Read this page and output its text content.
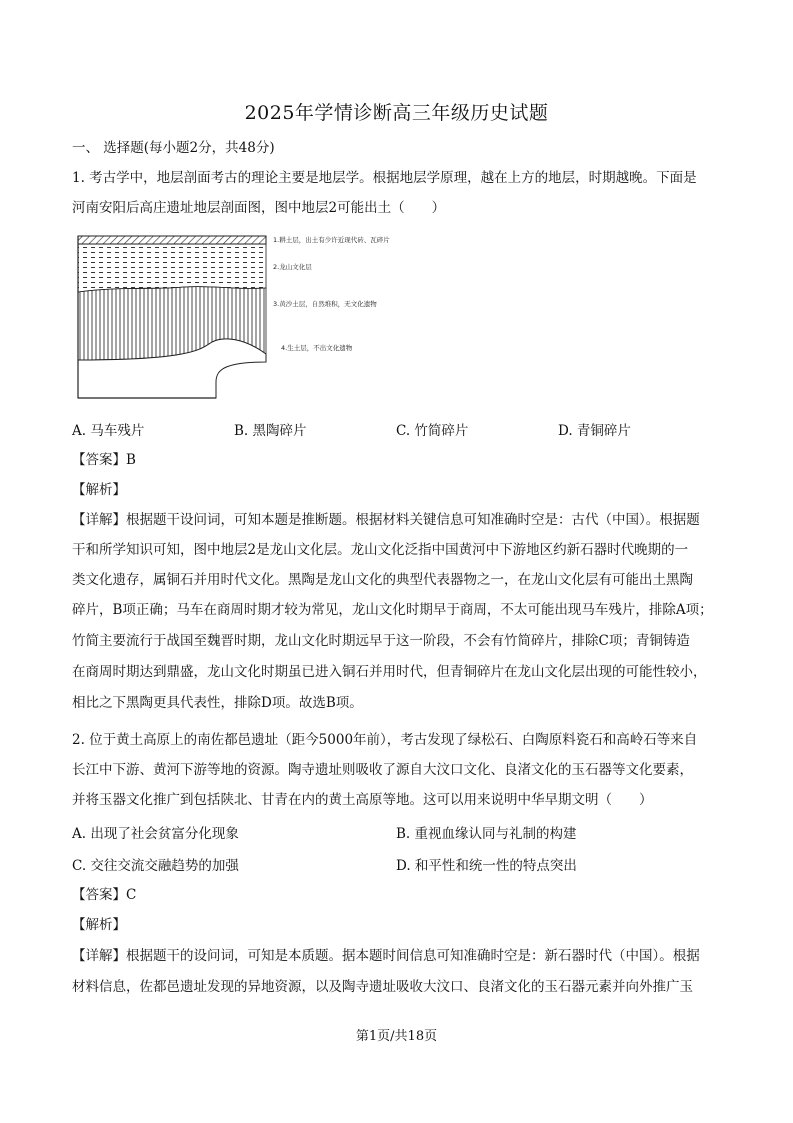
2025年学情诊断高三年级历史试题
一、 选择题(每小题2分，共48分)
1. 考古学中，地层剖面考古的理论主要是地层学。根据地层学原理，越在上方的地层，时期越晚。下面是
河南安阳后高庄遗址地层剖面图，图中地层2可能出土（　　）
1.耕土层，出土有少许近现代砖、瓦碎片
2.龙山文化层
3.黄沙土层，自然堆积，无文化遗物
4.生土层，不出文化遗物
A. 马车残片	B. 黑陶碎片	C. 竹简碎片	D. 青铜碎片
【答案】B
【解析】
【详解】根据题干设问词，可知本题是推断题。根据材料关键信息可知准确时空是：古代（中国）。根据题
干和所学知识可知，图中地层2是龙山文化层。龙山文化泛指中国黄河中下游地区约新石器时代晚期的一
类文化遗存，属铜石并用时代文化。黑陶是龙山文化的典型代表器物之一，在龙山文化层有可能出土黑陶
碎片，B项正确；马车在商周时期才较为常见，龙山文化时期早于商周，不太可能出现马车残片，排除A项；
竹简主要流行于战国至魏晋时期，龙山文化时期远早于这一阶段，不会有竹简碎片，排除C项；青铜铸造
在商周时期达到鼎盛，龙山文化时期虽已进入铜石并用时代，但青铜碎片在龙山文化层出现的可能性较小，
相比之下黑陶更具代表性，排除D项。故选B项。
2. 位于黄土高原上的南佐都邑遗址（距今5000年前），考古发现了绿松石、白陶原料瓷石和高岭石等来自
长江中下游、黄河下游等地的资源。陶寺遗址则吸收了源自大汶口文化、良渚文化的玉石器等文化要素，
并将玉器文化推广到包括陕北、甘青在内的黄土高原等地。这可以用来说明中华早期文明（　　）
A. 出现了社会贫富分化现象	B. 重视血缘认同与礼制的构建
C. 交往交流交融趋势的加强	D. 和平性和统一性的特点突出
【答案】C
【解析】
【详解】根据题干的设问词，可知是本质题。据本题时间信息可知准确时空是：新石器时代（中国）。根据
材料信息，佐都邑遗址发现的异地资源，以及陶寺遗址吸收大汶口、良渚文化的玉石器元素并向外推广玉
第1页/共18页
